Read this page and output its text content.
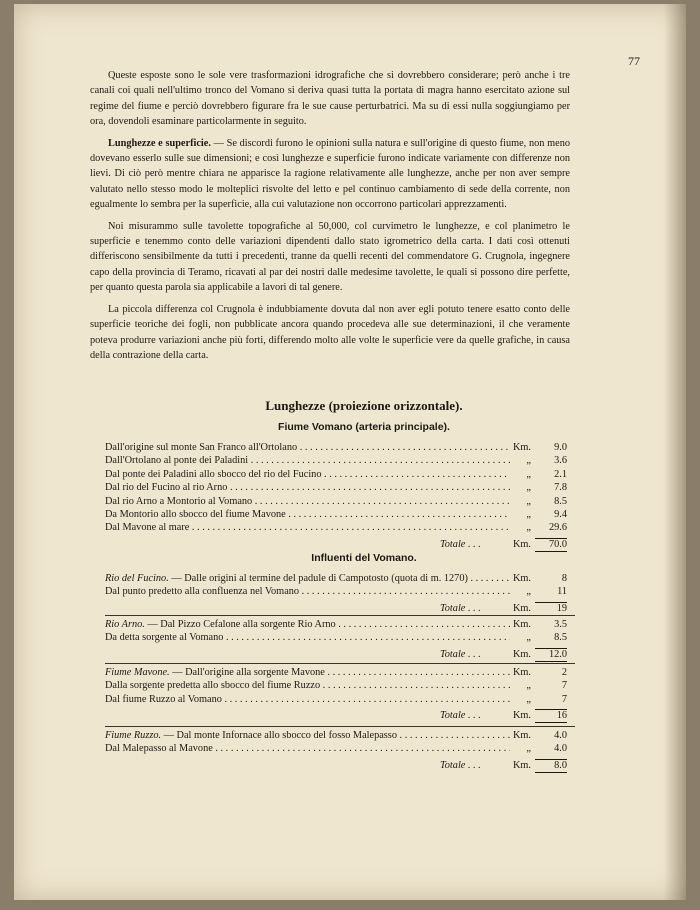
77

Queste esposte sono le sole vere trasformazioni idrografiche che si dovrebbero considerare; però anche i tre canali coi quali nell'ultimo tronco del Vomano si deriva quasi tutta la portata di magra hanno esercitato azione sul regime del fiume e perciò dovrebbero figurare fra le sue cause perturbatrici. Ma su di essi nulla soggiungiamo per ora, dovendoli esaminare particolarmente in seguito.

Lunghezze e superficie. — Se discordi furono le opinioni sulla natura e sull'origine di questo fiume, non meno dovevano esserlo sulle sue dimensioni; e così lunghezze e superficie furono indicate variamente con differenze non lievi. Di ciò però mentre chiara ne apparisce la ragione relativamente alle lunghezze, anche per non aver sempre valutato nello stesso modo le molteplici risvolte del letto e pel continuo cambiamento di sede della corrente, non egualmente lo sembra per la superficie, alla cui valutazione non occorrono particolari apprezzamenti.

Noi misurammo sulle tavolette topografiche al 50,000, col curvimetro le lunghezze, e col planimetro le superficie e tenemmo conto delle variazioni dipendenti dallo stato igrometrico della carta. I dati così ottenuti differiscono sensibilmente da tutti i precedenti, tranne da quelli recenti del commendatore G. Crugnola, ingegnere capo della provincia di Teramo, ricavati al par dei nostri dalle medesime tavolette, le quali si possono dire perfette, per quanto questa parola sia applicabile a lavori di tal genere.

La piccola differenza col Crugnola è indubbiamente dovuta dal non aver egli potuto tenere esatto conto delle superficie teoriche dei fogli, non pubblicate ancora quando procedeva alle sue determinazioni, il che veramente poteva produrre variazioni anche più forti, differendo molto alle volte le superficie vere da quelle grafiche, in causa della contrazione della carta.

Lunghezze (proiezione orizzontale).
Fiume Vomano (arteria principale).
Dall'origine sul monte San Franco all'Ortolano . . .	Km.	9.0
Dall'Ortolano al ponte dei Paladini . . .	„	3.6
Dal ponte dei Paladini allo sbocco del rio del Fucino . . .	„	2.1
Dal rio del Fucino al rio Arno . . .	„	7.8
Dal rio Arno a Montorio al Vomano . . .	„	8.5
Da Montorio allo sbocco del fiume Mavone . . .	„	9.4
Dal Mavone al mare . . .	„	29.6
Totale . . .	Km.	70.0
Influenti del Vomano.
Rio del Fucino. — Dalle origini al termine del padule di Campotosto (quota di m. 1270) . . .	Km.	8
Dal punto predetto alla confluenza nel Vomano . . .	„	11
Totale . . .	Km.	19
Rio Arno. — Dal Pizzo Cefalone alla sorgente Rio Arno . . .	Km.	3.5
Da detta sorgente al Vomano . . .	„	8.5
Totale . . .	Km.	12.0
Fiume Mavone. — Dall'origine alla sorgente Mavone . . .	Km.	2
Dalla sorgente predetta allo sbocco del fiume Ruzzo . . .	„	7
Dal fiume Ruzzo al Vomano . . .	„	7
Totale . . .	Km.	16
Fiume Ruzzo. — Dal monte Infornace allo sbocco del fosso Malepasso . . .	Km.	4.0
Dal Malepasso al Mavone . . .	„	4.0
Totale . . .	Km.	8.0
